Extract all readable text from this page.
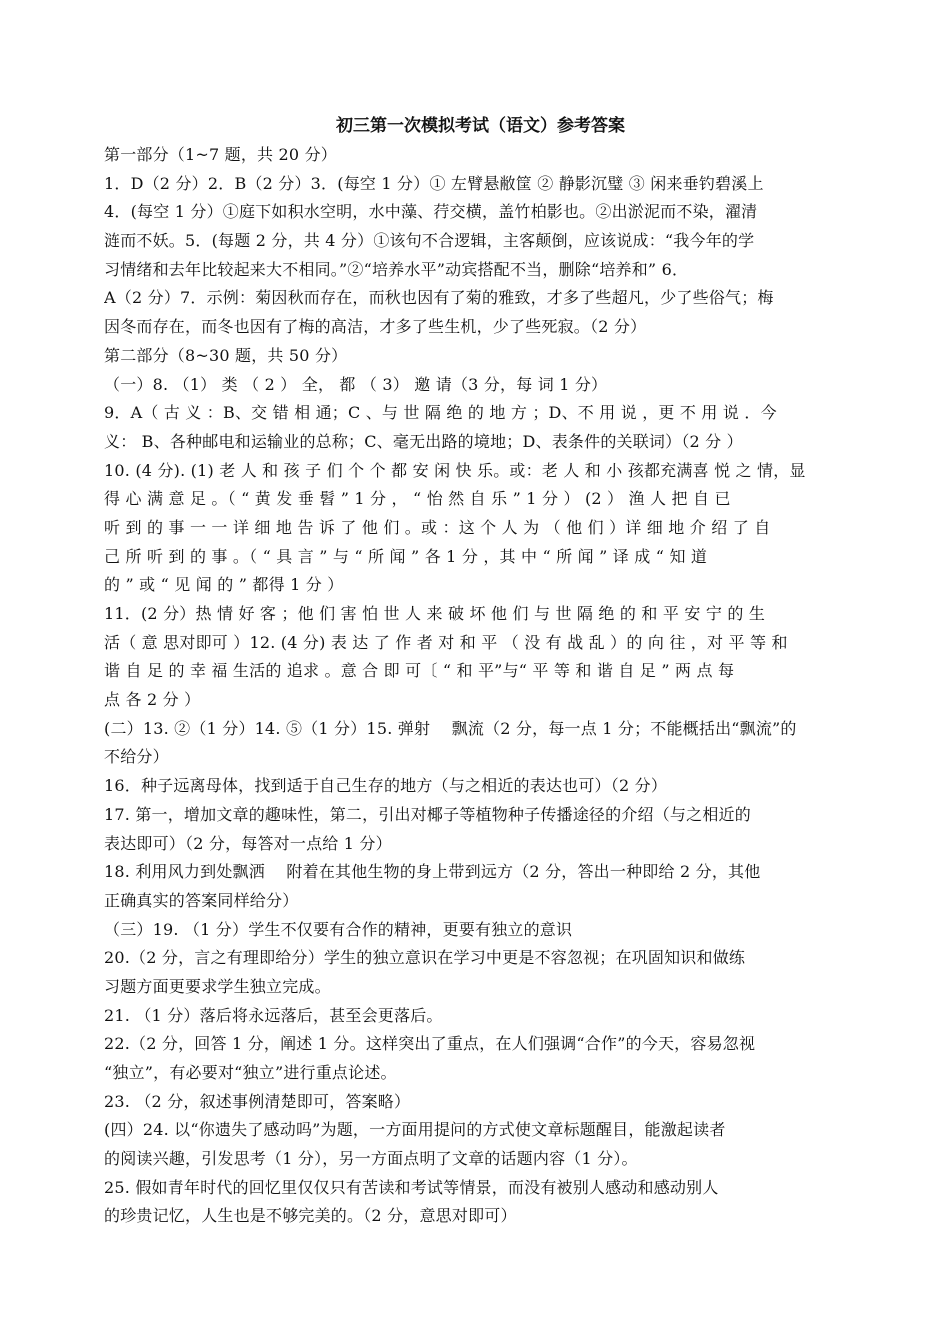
初三第一次模拟考试（语文）参考答案
第一部分（1~7 题，共 20 分）
1．D（2 分）2．B（2 分）3．(每空 1 分）① 左臂悬敝筐 ② 静影沉璧 ③ 闲来垂钓碧溪上
4．(每空 1 分）①庭下如积水空明，水中藻、荇交横，盖竹柏影也。②出淤泥而不染，濯清
涟而不妖。5．(每题 2 分，共 4 分）①该句不合逻辑，主客颠倒，应该说成：“我今年的学
习情绪和去年比较起来大不相同。”②“培养水平”动宾搭配不当，删除“培养和” 6．
A（2 分）7．示例：菊因秋而存在，而秋也因有了菊的雅致，才多了些超凡，少了些俗气；梅
因冬而存在，而冬也因有了梅的高洁，才多了些生机，少了些死寂。（2 分）
第二部分（8~30 题，共 50 分）
（一）8. （1） 类 （ 2 ） 全， 都 （ 3） 邀 请（3 分，每 词 1 分）
9．A（ 古 义 ：B、交 错 相 通；C 、与 世 隔 绝 的 地 方 ；D、不 用 说 ，更 不 用 说 ．今
义： B、各种邮电和运输业的总称；C、毫无出路的境地；D、表条件的关联词）（2 分 ）
10. (4 分). (1) 老 人 和 孩 子 们 个 个 都 安 闲 快 乐。或：老 人 和 小 孩都充满喜 悦 之 情，显
得 心 满 意 足 。（ “ 黄 发 垂 髫 ” 1 分 ， “ 怡 然 自 乐 ” 1 分 ） (2 ） 渔 人 把 自 已
听 到 的 事 一 一 详 细 地 告 诉 了 他 们 。或 ：这 个 人 为 （ 他 们 ）详 细 地 介 绍 了 自
己 所 听 到 的 事 。（ “ 具 言 ” 与 “ 所 闻 ” 各 1 分 ，其 中 “ 所 闻 ” 译 成 “ 知 道
的 ” 或 “ 见 闻 的 ” 都得 1 分 ）
11．(2 分）热 情 好 客 ；他 们 害 怕 世 人 来 破 坏 他 们 与 世 隔 绝 的 和 平 安 宁 的 生
活（ 意 思对即可 ）12. (4 分) 表 达 了 作 者 对 和 平 （ 没 有 战 乱 ）的 向 往 ，对 平 等 和
谐 自 足 的 幸 福 生活的 追求 。意 合 即 可〔 “ 和 平”与“ 平 等 和 谐 自 足 ” 两 点 每
点 各 2 分 ）
(二）13. ②（1 分）14. ⑤（1 分）15. 弹射 　飘流（2 分，每一点 1 分；不能概括出“飘流”的
不给分）
16．种子远离母体，找到适于自己生存的地方（与之相近的表达也可）（2 分）
17. 第一，增加文章的趣味性，第二，引出对椰子等植物种子传播途径的介绍（与之相近的
表达即可）（2 分，每答对一点给 1 分）
18. 利用风力到处飘洒 　附着在其他生物的身上带到远方（2 分，答出一种即给 2 分，其他
正确真实的答案同样给分）
（三）19. （1 分）学生不仅要有合作的精神，更要有独立的意识
20.（2 分，言之有理即给分）学生的独立意识在学习中更是不容忽视；在巩固知识和做练
习题方面更要求学生独立完成。
21. （1 分）落后将永远落后，甚至会更落后。
22.（2 分，回答 1 分，阐述 1 分。这样突出了重点，在人们强调“合作”的今天，容易忽视
“独立”，有必要对“独立”进行重点论述。
23. （2 分，叙述事例清楚即可，答案略）
(四）24. 以“你遗失了感动吗”为题，一方面用提问的方式使文章标题醒目，能激起读者
的阅读兴趣，引发思考（1 分），另一方面点明了文章的话题内容（1 分）。
25. 假如青年时代的回忆里仅仅只有苦读和考试等情景，而没有被别人感动和感动别人
的珍贵记忆，人生也是不够完美的。（2 分，意思对即可）
